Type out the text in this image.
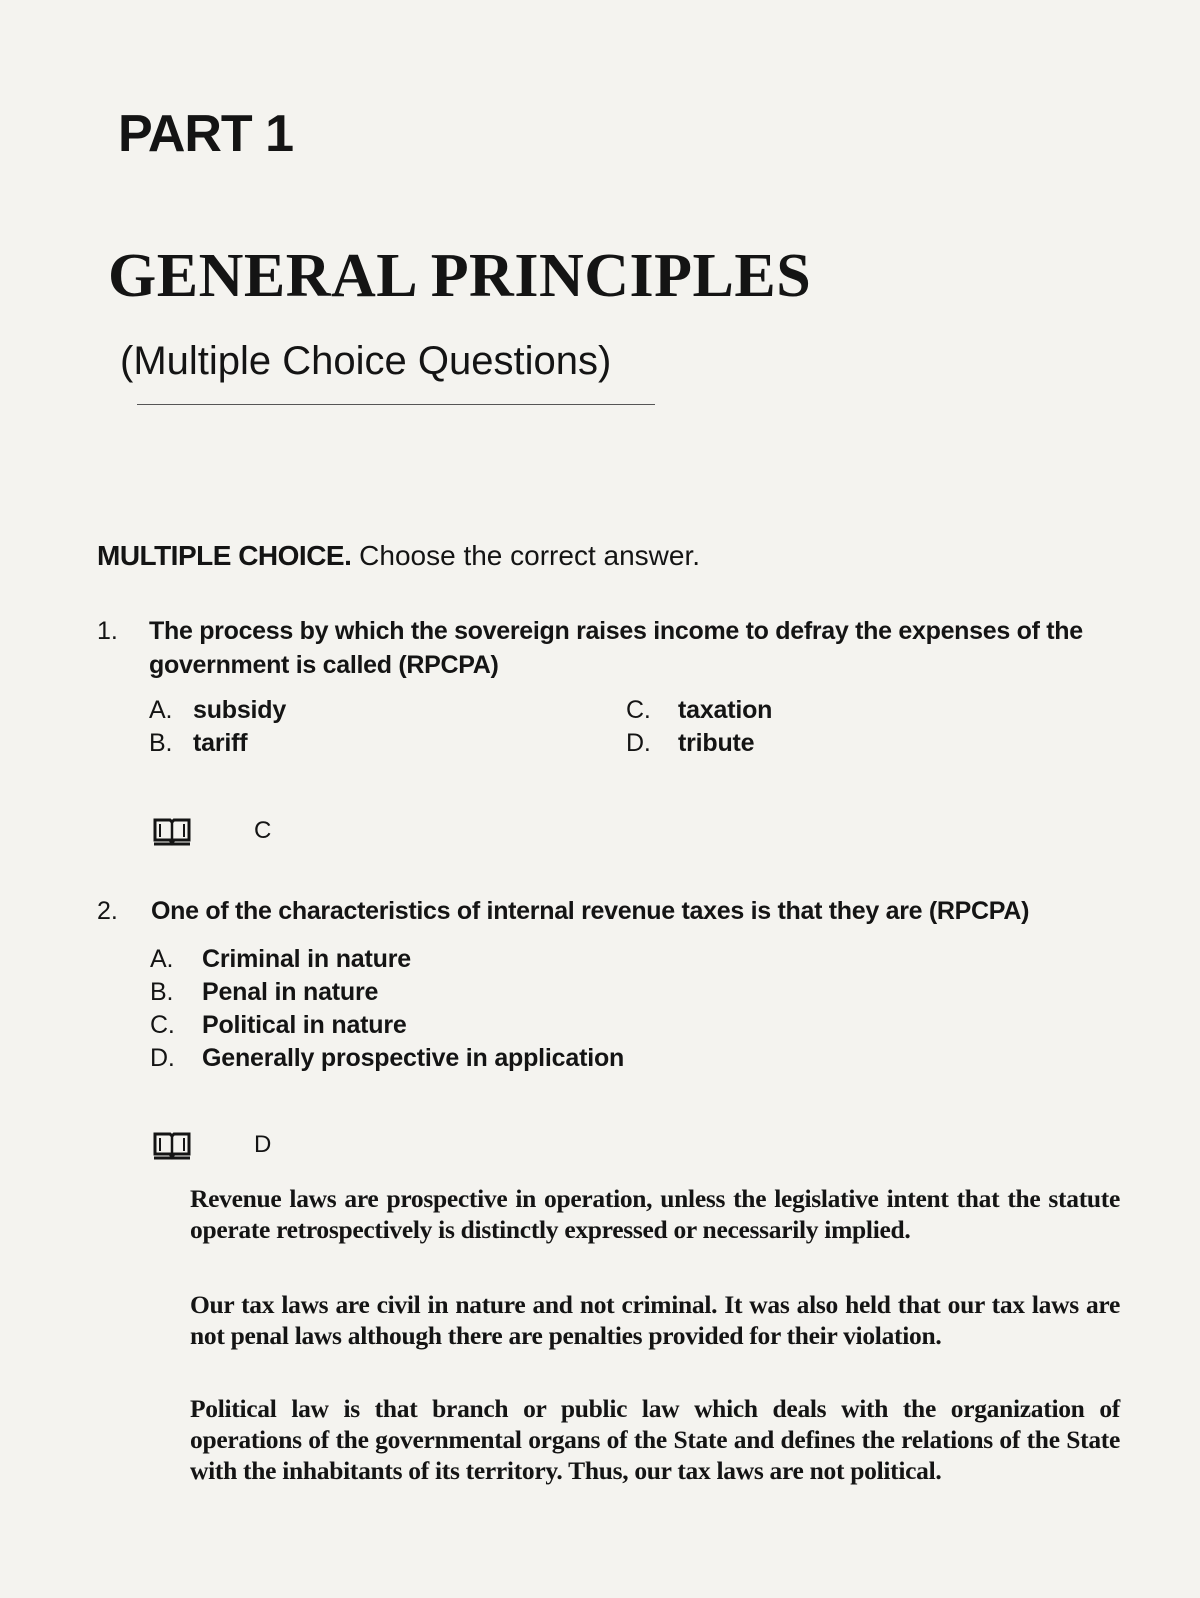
PART 1
GENERAL PRINCIPLES
(Multiple Choice Questions)
MULTIPLE CHOICE. Choose the correct answer.
1. The process by which the sovereign raises income to defray the expenses of the government is called (RPCPA)
A. subsidy
B. tariff
C. taxation
D. tribute
C
2. One of the characteristics of internal revenue taxes is that they are (RPCPA)
A. Criminal in nature
B. Penal in nature
C. Political in nature
D. Generally prospective in application
D
Revenue laws are prospective in operation, unless the legislative intent that the statute operate retrospectively is distinctly expressed or necessarily implied.
Our tax laws are civil in nature and not criminal. It was also held that our tax laws are not penal laws although there are penalties provided for their violation.
Political law is that branch or public law which deals with the organization of operations of the governmental organs of the State and defines the relations of the State with the inhabitants of its territory. Thus, our tax laws are not political.
